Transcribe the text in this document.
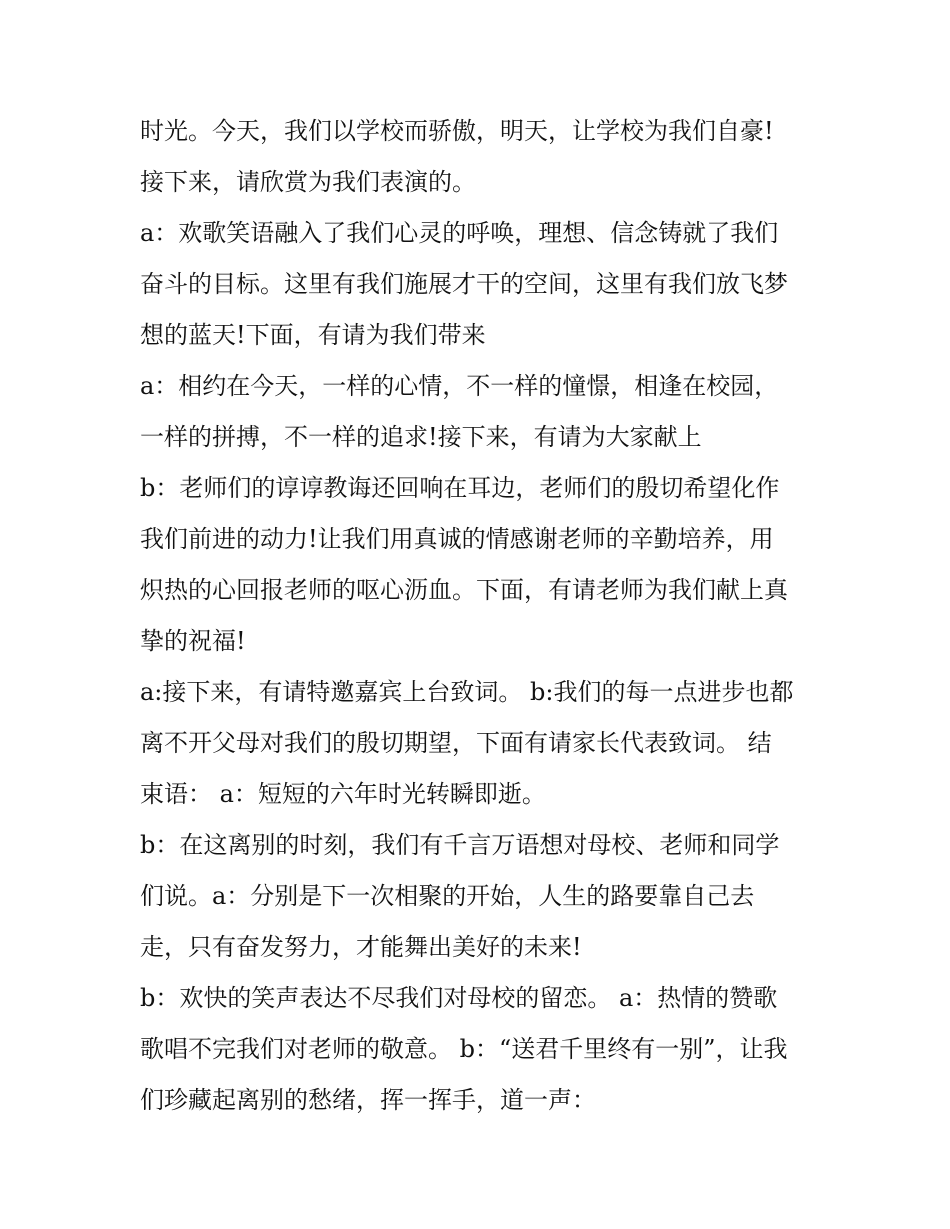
时光。今天，我们以学校而骄傲，明天，让学校为我们自豪!
接下来，请欣赏为我们表演的。
a：欢歌笑语融入了我们心灵的呼唤，理想、信念铸就了我们
奋斗的目标。这里有我们施展才干的空间，这里有我们放飞梦
想的蓝天!下面，有请为我们带来
a：相约在今天，一样的心情，不一样的憧憬，相逢在校园，
一样的拼搏，不一样的追求!接下来，有请为大家献上
b：老师们的谆谆教诲还回响在耳边，老师们的殷切希望化作
我们前进的动力!让我们用真诚的情感谢老师的辛勤培养，用
炽热的心回报老师的呕心沥血。下面，有请老师为我们献上真
挚的祝福!
a:接下来，有请特邀嘉宾上台致词。 b:我们的每一点进步也都
离不开父母对我们的殷切期望，下面有请家长代表致词。 结
束语： a：短短的六年时光转瞬即逝。
b：在这离别的时刻，我们有千言万语想对母校、老师和同学
们说。a：分别是下一次相聚的开始，人生的路要靠自己去
走，只有奋发努力，才能舞出美好的未来!
b：欢快的笑声表达不尽我们对母校的留恋。 a：热情的赞歌
歌唱不完我们对老师的敬意。 b：“送君千里终有一别”，让我
们珍藏起离别的愁绪，挥一挥手，道一声：
